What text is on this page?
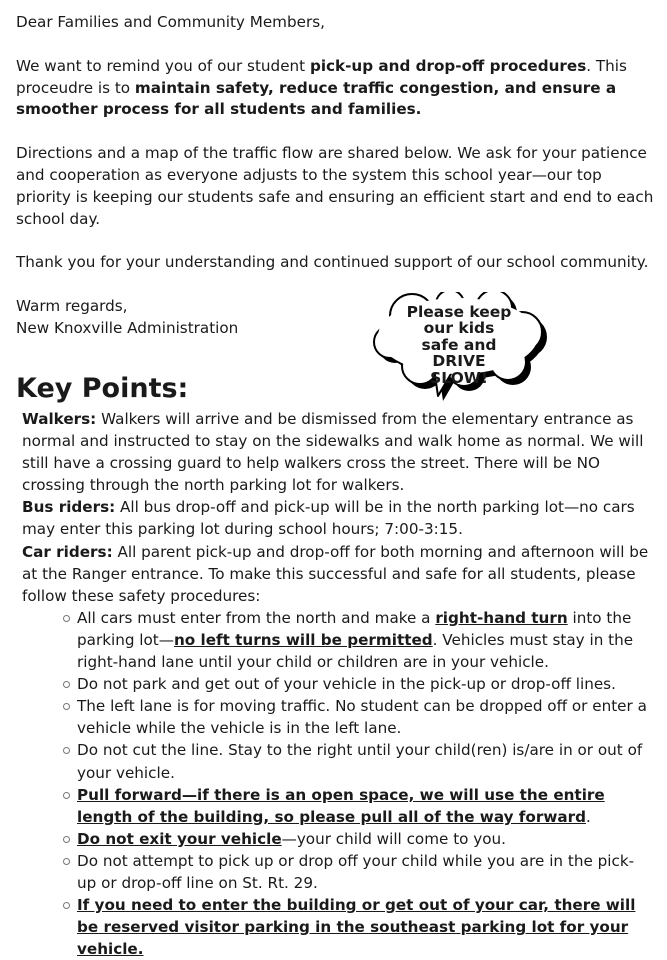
Dear Families and Community Members,

We want to remind you of our student pick-up and drop-off procedures. This proceudre is to maintain safety, reduce traffic congestion, and ensure a smoother process for all students and families.

Directions and a map of the traffic flow are shared below. We ask for your patience and cooperation as everyone adjusts to the system this school year—our top priority is keeping our students safe and ensuring an efficient start and end to each school day.

Thank you for your understanding and continued support of our school community.

Warm regards,

New Knoxville Administration

Please keep
our kids
safe and
DRIVE
SLOW!
Key Points:

Walkers: Walkers will arrive and be dismissed from the elementary entrance as normal and instructed to stay on the sidewalks and walk home as normal. We will still have a crossing guard to help walkers cross the street. There will be NO crossing through the north parking lot for walkers.

Bus riders: All bus drop-off and pick-up will be in the north parking lot—no cars may enter this parking lot during school hours; 7:00-3:15.

Car riders: All parent pick-up and drop-off for both morning and afternoon will be at the Ranger entrance. To make this successful and safe for all students, please follow these safety procedures:

All cars must enter from the north and make a right-hand turn into the parking lot—no left turns will be permitted. Vehicles must stay in the right-hand lane until your child or children are in your vehicle.
Do not park and get out of your vehicle in the pick-up or drop-off lines.
The left lane is for moving traffic. No student can be dropped off or enter a vehicle while the vehicle is in the left lane.
Do not cut the line. Stay to the right until your child(ren) is/are in or out of your vehicle.
Pull forward—if there is an open space, we will use the entire length of the building, so please pull all of the way forward.
Do not exit your vehicle—your child will come to you.
Do not attempt to pick up or drop off your child while you are in the pick-up or drop-off line on St. Rt. 29.
If you need to enter the building or get out of your car, there will be reserved visitor parking in the southeast parking lot for your vehicle.
